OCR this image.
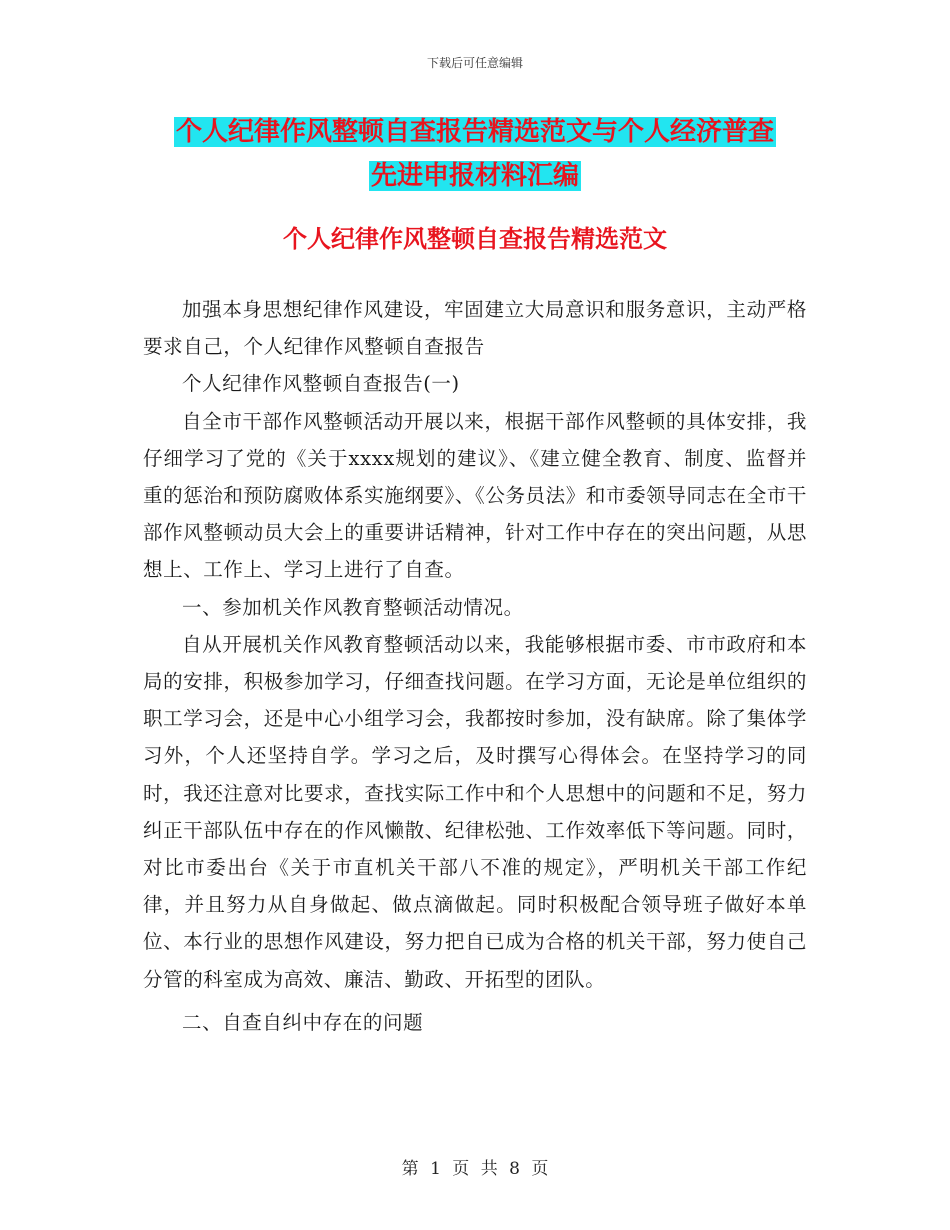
下载后可任意编辑
个人纪律作风整顿自查报告精选范文与个人经济普查
先进申报材料汇编
个人纪律作风整顿自查报告精选范文

加强本身思想纪律作风建设，牢固建立大局意识和服务意识，主动严格要求自己，个人纪律作风整顿自查报告

个人纪律作风整顿自查报告(一)

自全市干部作风整顿活动开展以来，根据干部作风整顿的具体安排，我仔细学习了党的《关于xxxx规划的建议》、《建立健全教育、制度、监督并重的惩治和预防腐败体系实施纲要》、《公务员法》和市委领导同志在全市干部作风整顿动员大会上的重要讲话精神，针对工作中存在的突出问题，从思想上、工作上、学习上进行了自查。

一、参加机关作风教育整顿活动情况。

自从开展机关作风教育整顿活动以来，我能够根据市委、市市政府和本局的安排，积极参加学习，仔细查找问题。在学习方面，无论是单位组织的职工学习会，还是中心小组学习会，我都按时参加，没有缺席。除了集体学习外，个人还坚持自学。学习之后，及时撰写心得体会。在坚持学习的同时，我还注意对比要求，查找实际工作中和个人思想中的问题和不足，努力纠正干部队伍中存在的作风懒散、纪律松弛、工作效率低下等问题。同时，对比市委出台《关于市直机关干部八不准的规定》，严明机关干部工作纪律，并且努力从自身做起、做点滴做起。同时积极配合领导班子做好本单位、本行业的思想作风建设，努力把自已成为合格的机关干部，努力使自己分管的科室成为高效、廉洁、勤政、开拓型的团队。

二、自查自纠中存在的问题

第 1 页 共 8 页
